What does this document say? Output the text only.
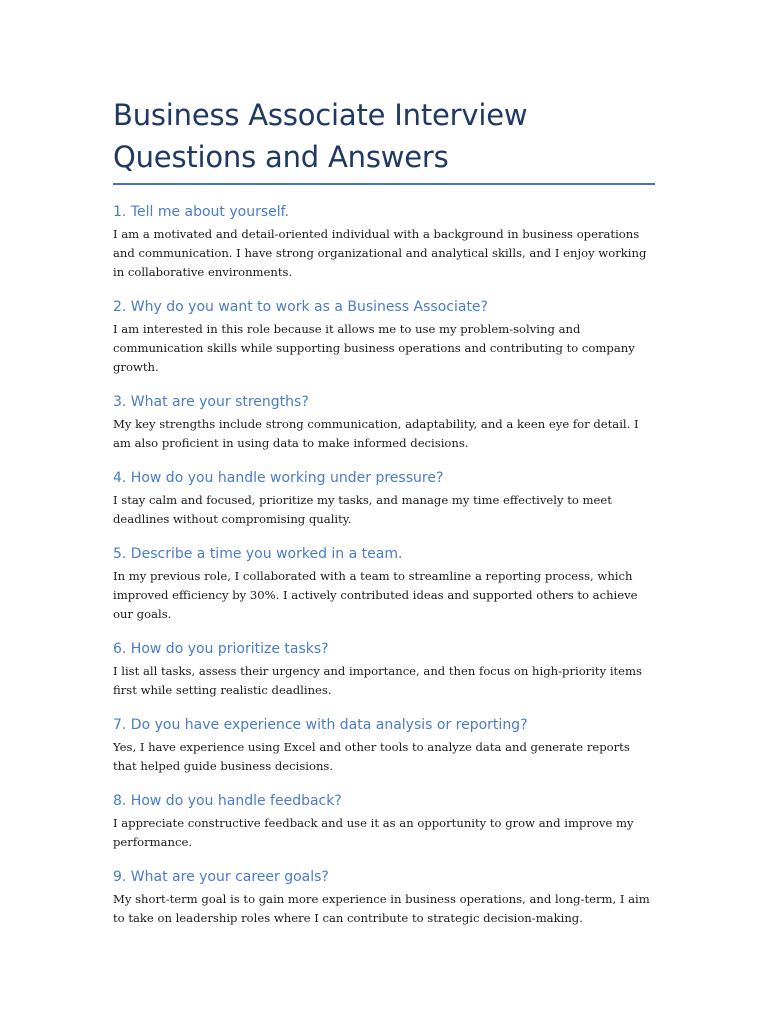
Business Associate Interview Questions and Answers
1. Tell me about yourself.

I am a motivated and detail-oriented individual with a background in business operations and communication. I have strong organizational and analytical skills, and I enjoy working in collaborative environments.

2. Why do you want to work as a Business Associate?

I am interested in this role because it allows me to use my problem-solving and communication skills while supporting business operations and contributing to company growth.

3. What are your strengths?

My key strengths include strong communication, adaptability, and a keen eye for detail. I am also proficient in using data to make informed decisions.

4. How do you handle working under pressure?

I stay calm and focused, prioritize my tasks, and manage my time effectively to meet deadlines without compromising quality.

5. Describe a time you worked in a team.

In my previous role, I collaborated with a team to streamline a reporting process, which improved efficiency by 30%. I actively contributed ideas and supported others to achieve our goals.

6. How do you prioritize tasks?

I list all tasks, assess their urgency and importance, and then focus on high-priority items first while setting realistic deadlines.

7. Do you have experience with data analysis or reporting?

Yes, I have experience using Excel and other tools to analyze data and generate reports that helped guide business decisions.

8. How do you handle feedback?

I appreciate constructive feedback and use it as an opportunity to grow and improve my performance.

9. What are your career goals?

My short-term goal is to gain more experience in business operations, and long-term, I aim to take on leadership roles where I can contribute to strategic decision-making.
